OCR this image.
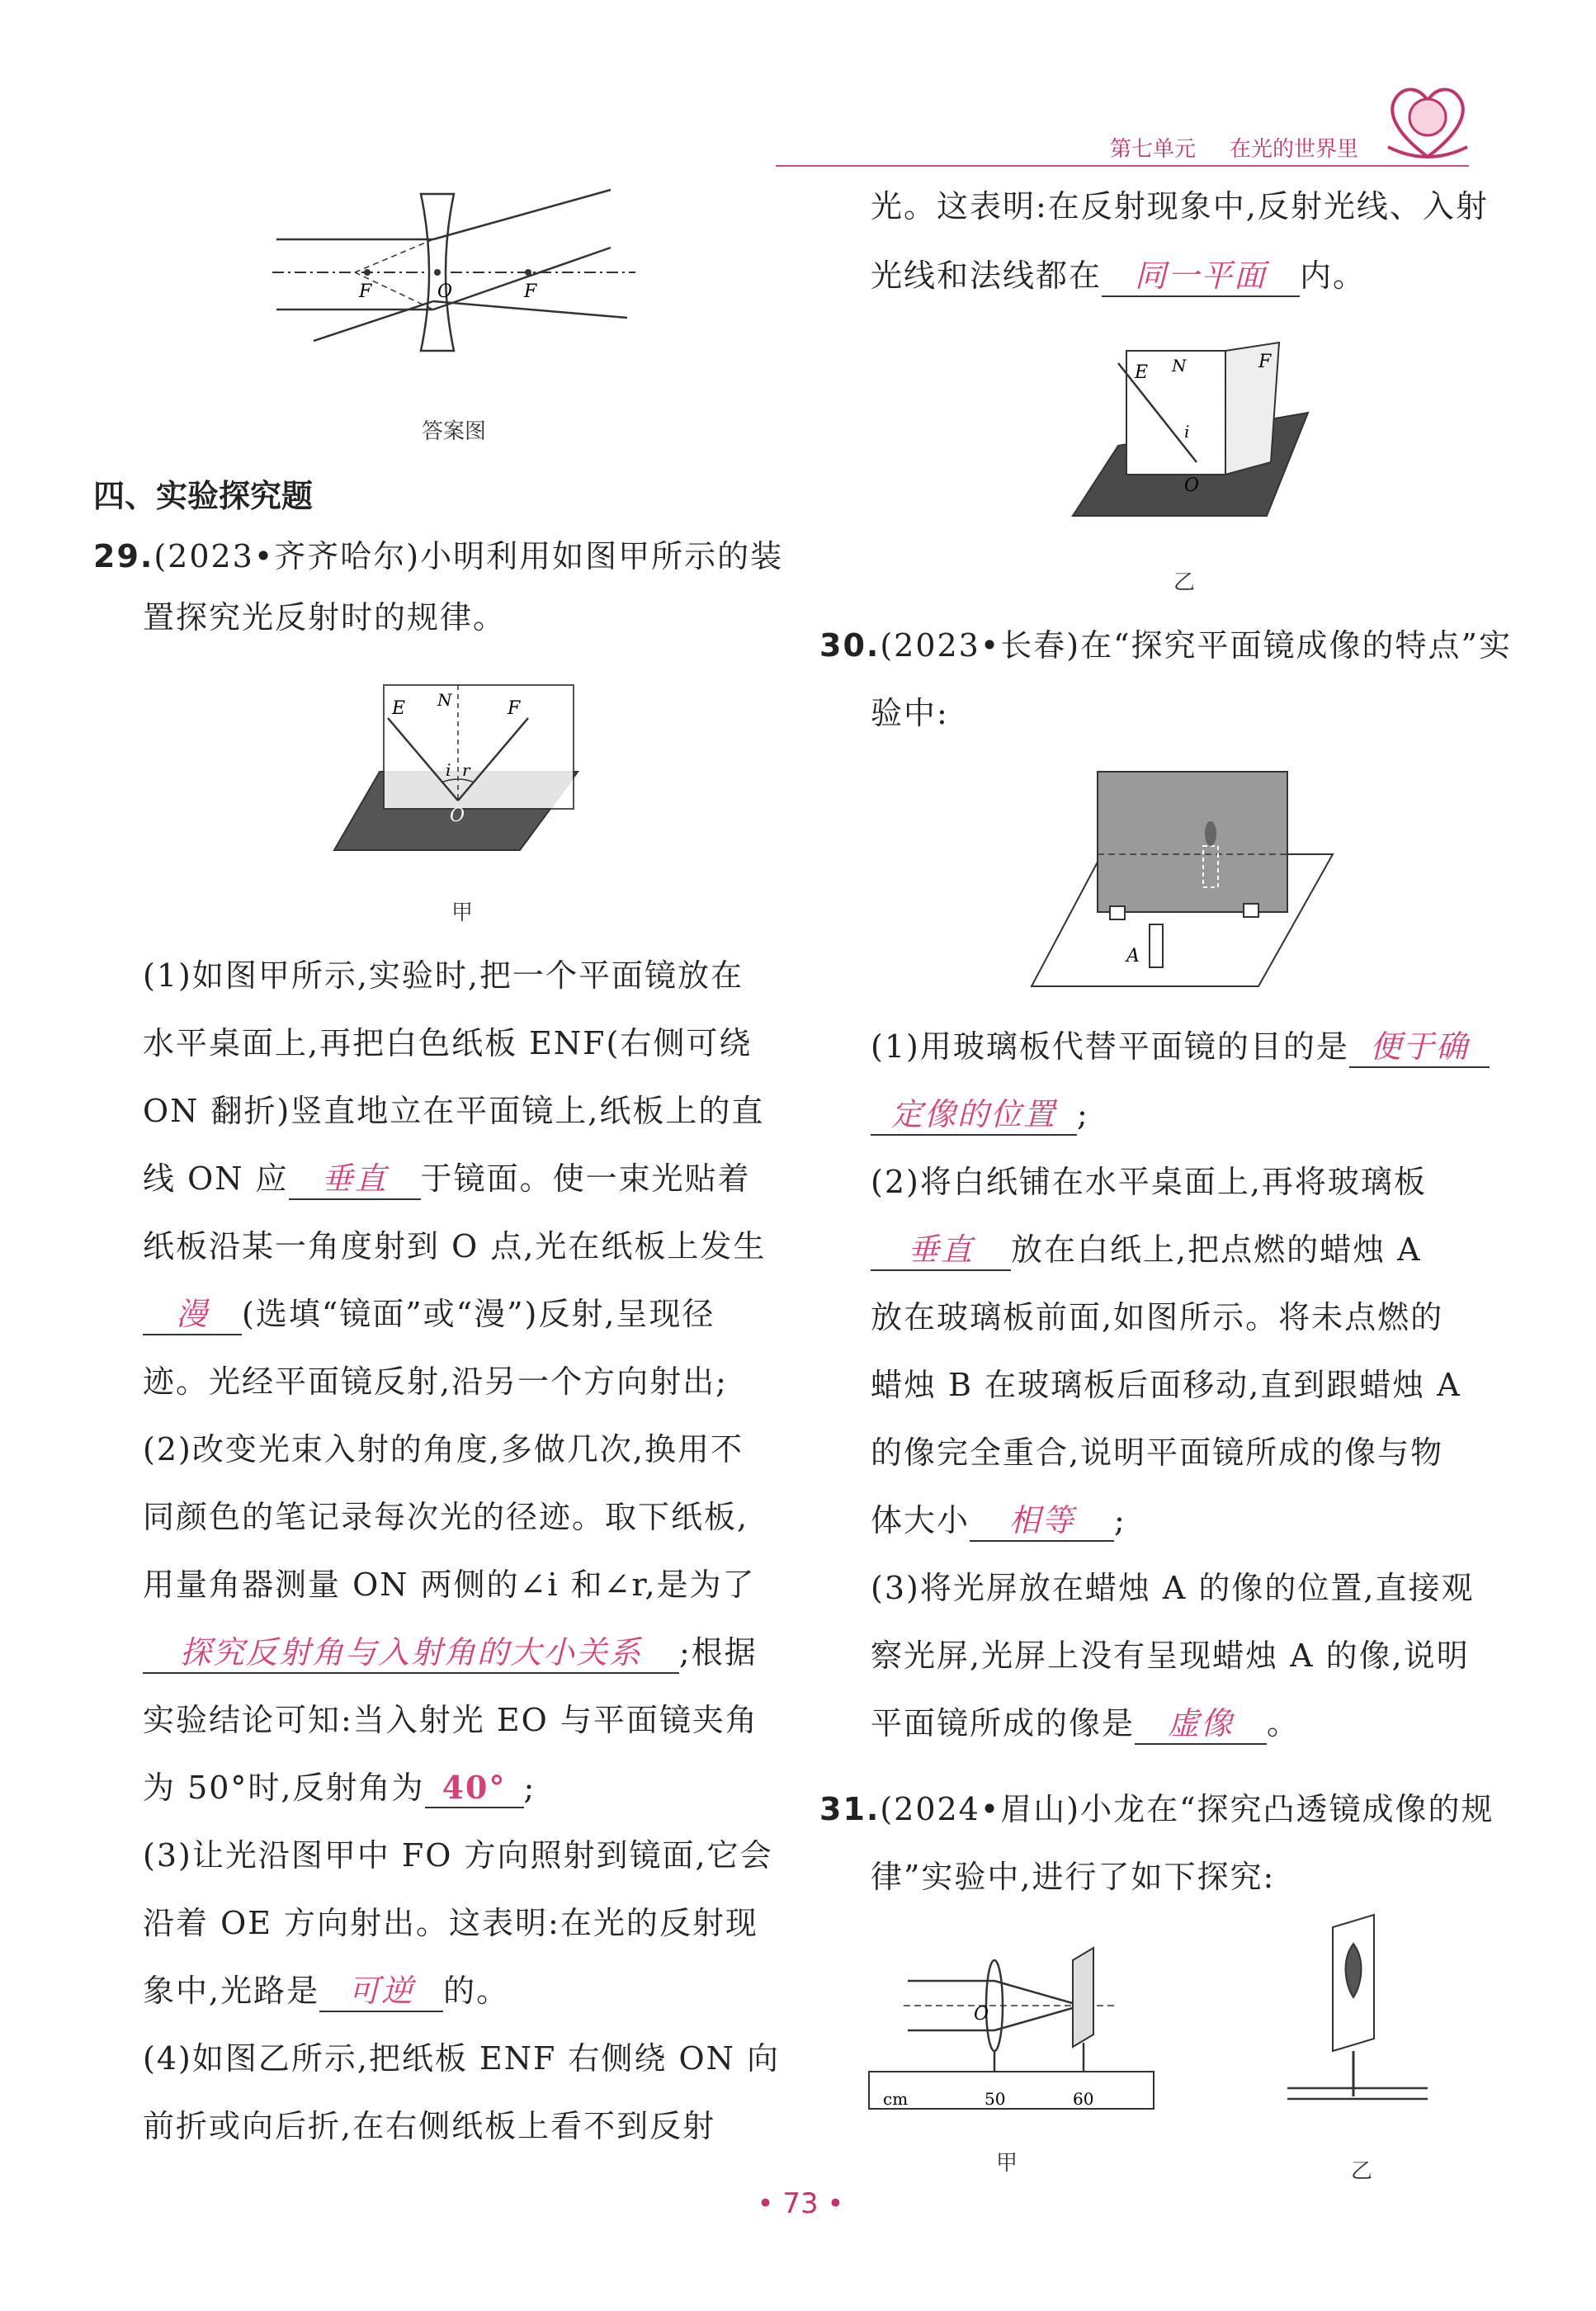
第七单元 在光的世界里
F	O	F
答案图
四、实验探究题
29.(2023•齐齐哈尔)小明利用如图甲所示的装
置探究光反射时的规律。
E N	F
i r
O
甲
(1)如图甲所示,实验时,把一个平面镜放在
水平桌面上,再把白色纸板 ENF(右侧可绕
ON 翻折)竖直地立在平面镜上,纸板上的直
线 ON 应 垂直 于镜面。使一束光贴着
纸板沿某一角度射到 O 点,光在纸板上发生
漫 (选填“镜面”或“漫”)反射,呈现径
迹。光经平面镜反射,沿另一个方向射出;
(2)改变光束入射的角度,多做几次,换用不
同颜色的笔记录每次光的径迹。取下纸板,
用量角器测量 ON 两侧的∠i 和∠r,是为了
探究反射角与入射角的大小关系 ;根据
实验结论可知:当入射光 EO 与平面镜夹角
为 50°时,反射角为 40° ;
(3)让光沿图甲中 FO 方向照射到镜面,它会
沿着 OE 方向射出。这表明:在光的反射现
象中,光路是 可逆 的。
(4)如图乙所示,把纸板 ENF 右侧绕 ON 向
前折或向后折,在右侧纸板上看不到反射
光。这表明:在反射现象中,反射光线、入射
光线和法线都在 同一平面 内。
E N	F
i
O
乙
30.(2023•长春)在“探究平面镜成像的特点”实
验中:
A
(1)用玻璃板代替平面镜的目的是 便于确
定像的位置 ;
(2)将白纸铺在水平桌面上,再将玻璃板
垂直 放在白纸上,把点燃的蜡烛 A
放在玻璃板前面,如图所示。将未点燃的
蜡烛 B 在玻璃板后面移动,直到跟蜡烛 A
的像完全重合,说明平面镜所成的像与物
体大小 相等 ;
(3)将光屏放在蜡烛 A 的像的位置,直接观
察光屏,光屏上没有呈现蜡烛 A 的像,说明
平面镜所成的像是 虚像 。
31.(2024•眉山)小龙在“探究凸透镜成像的规
律”实验中,进行了如下探究:
O
cm	50	60
甲	乙
• 73 •
